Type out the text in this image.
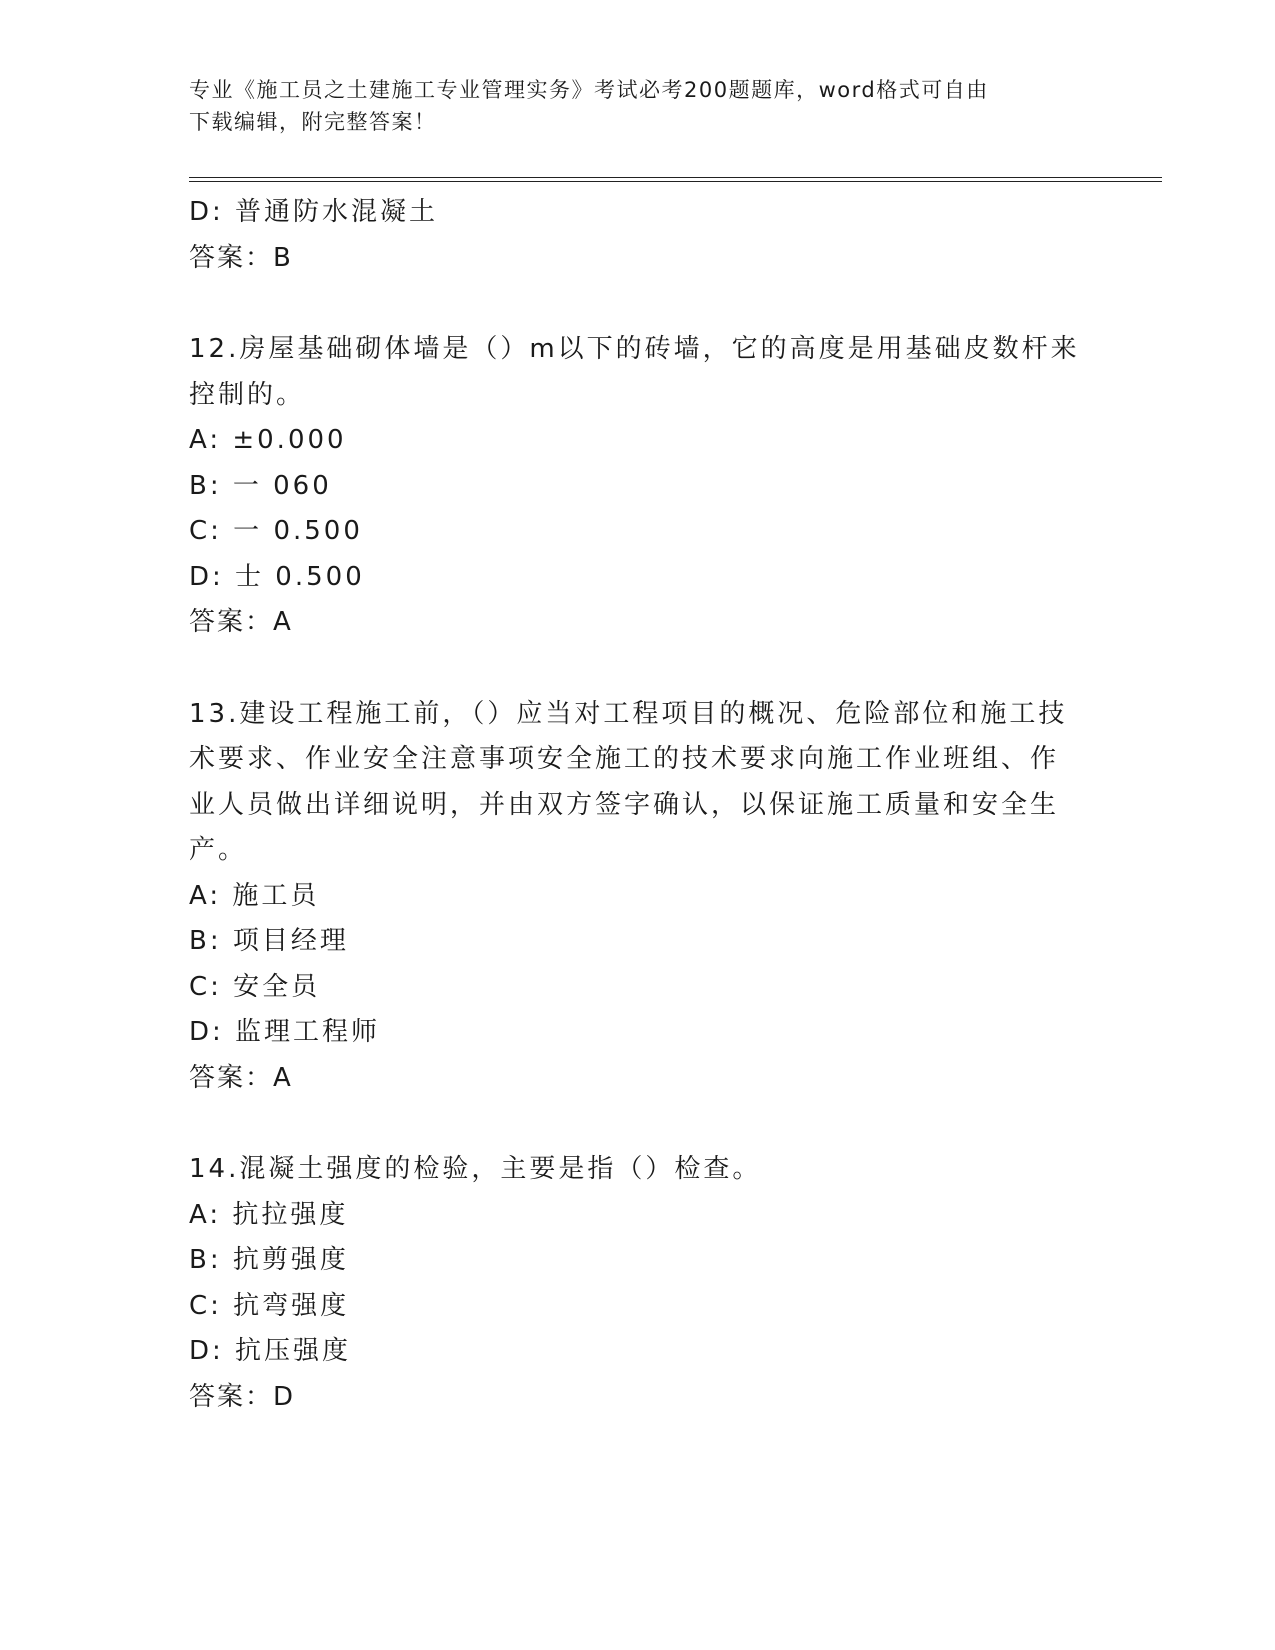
专业《施工员之土建施工专业管理实务》考试必考200题题库，word格式可自由
下载编辑，附完整答案！
D: 普通防水混凝土
答案：B
12.房屋基础砌体墙是（）m以下的砖墙，它的高度是用基础皮数杆来
控制的。
A: ±0.000
B: 一 060
C: 一 0.500
D: 士 0.500
答案：A
13.建设工程施工前，（）应当对工程项目的概况、危险部位和施工技
术要求、作业安全注意事项安全施工的技术要求向施工作业班组、作
业人员做出详细说明，并由双方签字确认，以保证施工质量和安全生
产。
A: 施工员
B: 项目经理
C: 安全员
D: 监理工程师
答案：A
14.混凝土强度的检验，主要是指（）检查。
A: 抗拉强度
B: 抗剪强度
C: 抗弯强度
D: 抗压强度
答案：D
